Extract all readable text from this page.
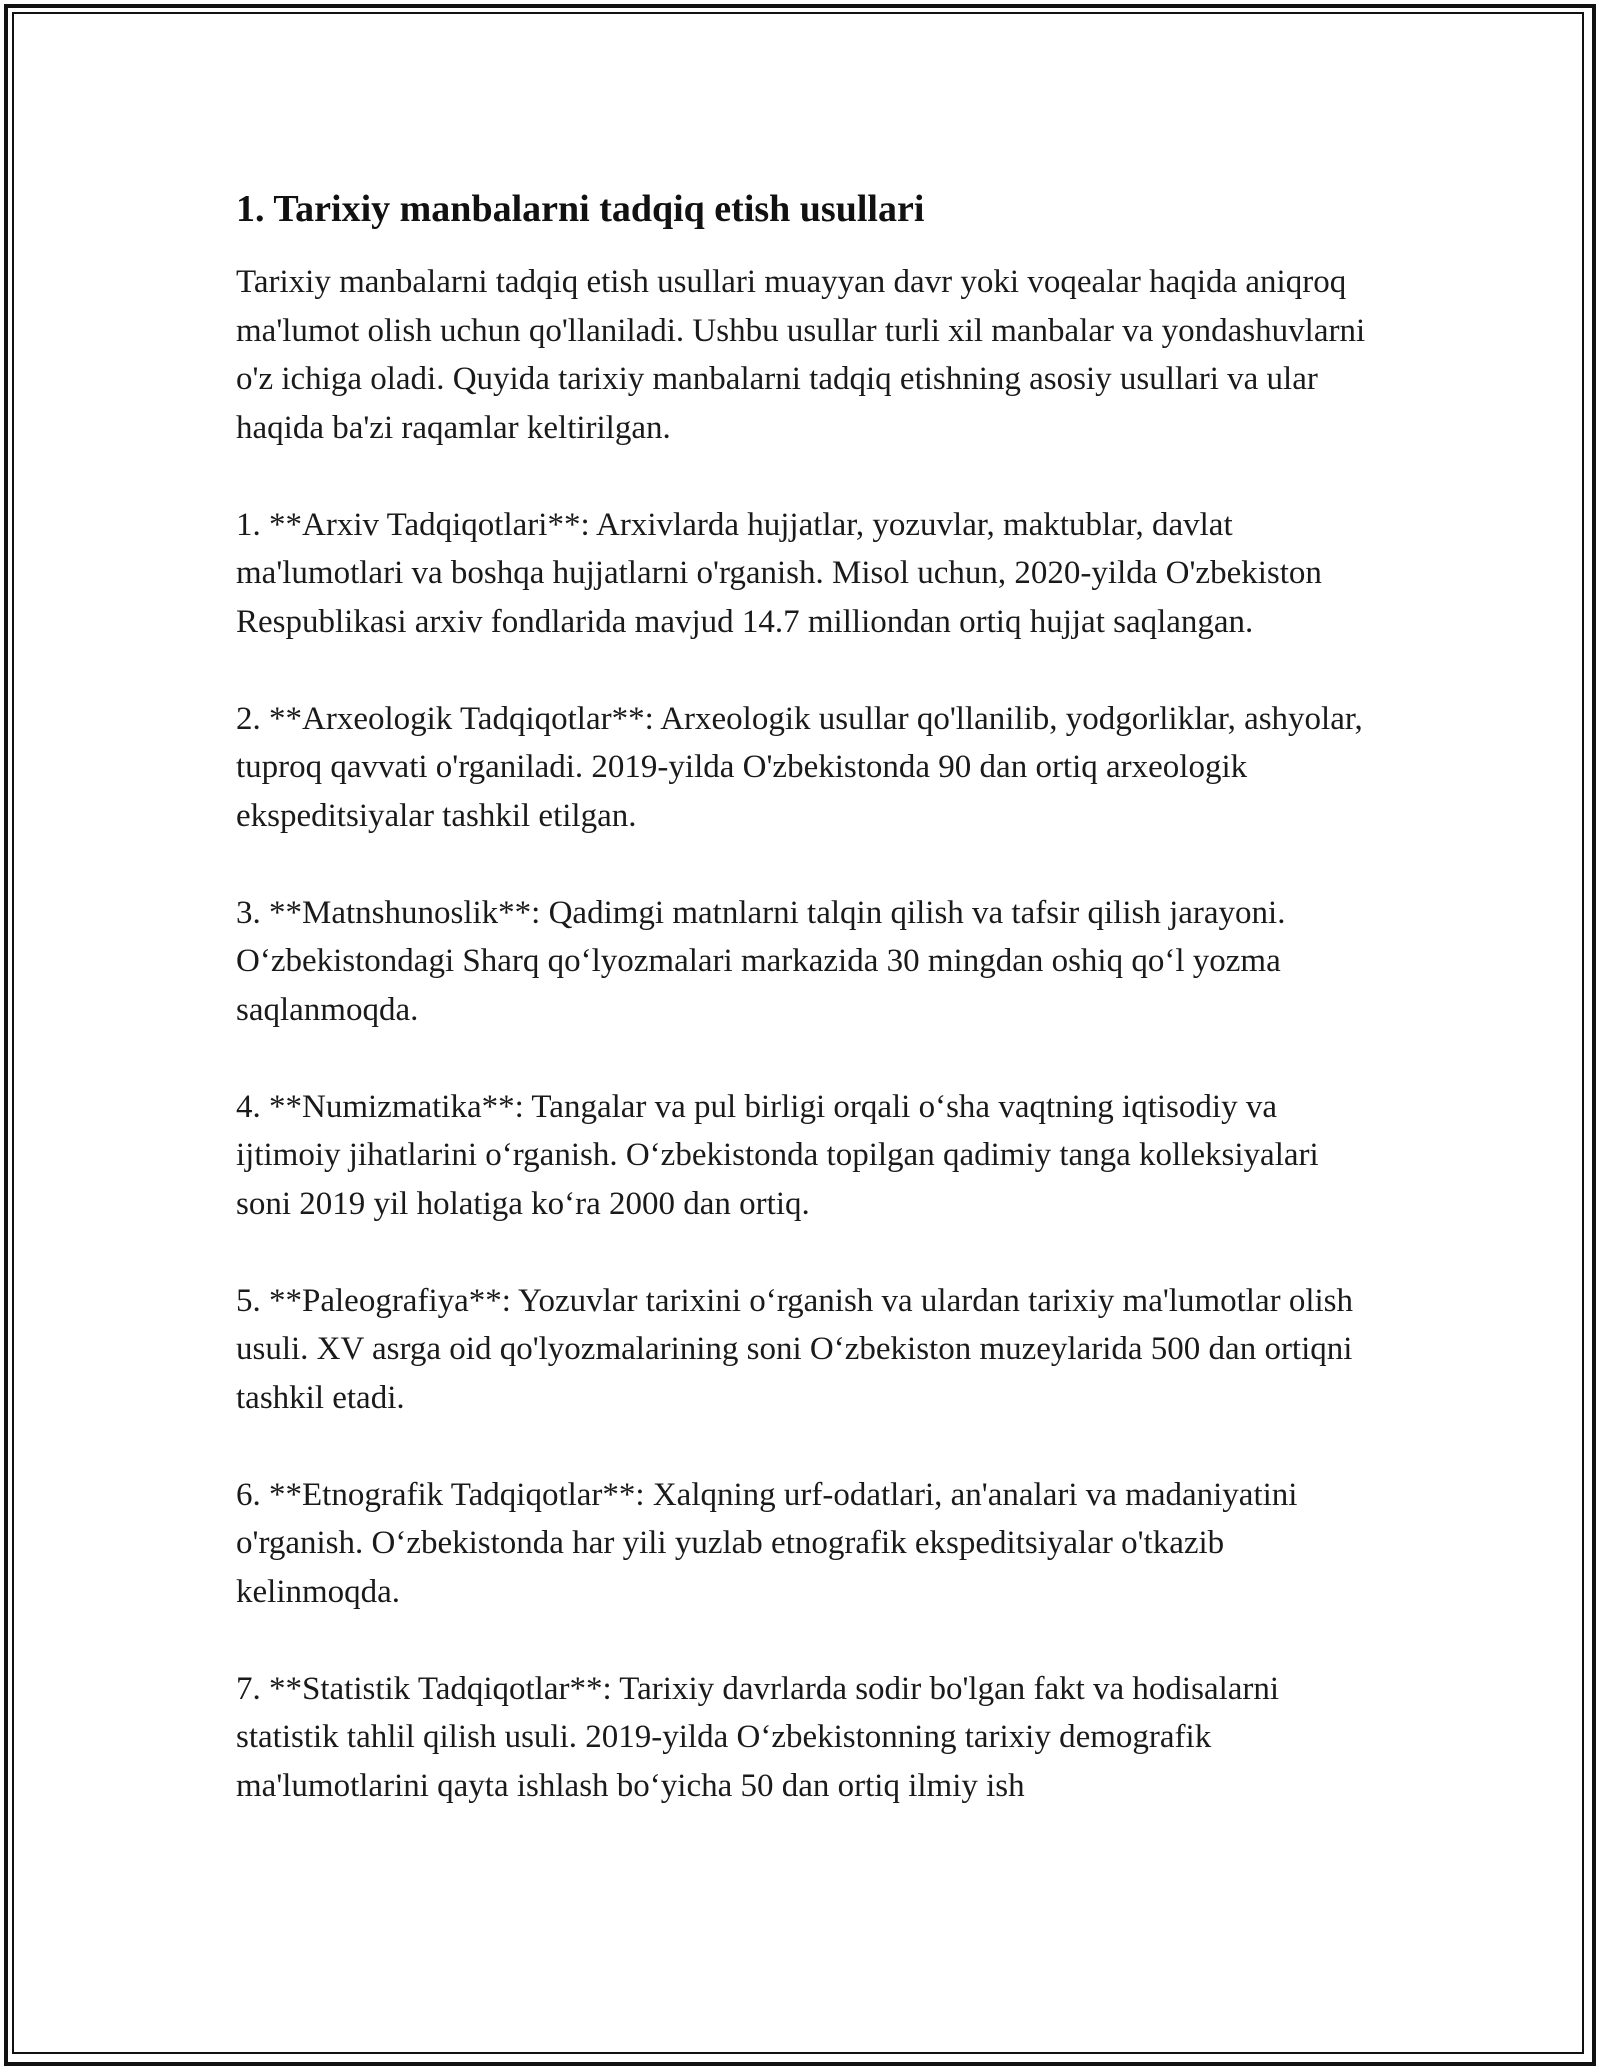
1. Tarixiy manbalarni tadqiq etish usullari

Tarixiy manbalarni tadqiq etish usullari muayyan davr yoki voqealar haqida aniqroq ma'lumot olish uchun qo'llaniladi. Ushbu usullar turli xil manbalar va yondashuvlarni o'z ichiga oladi. Quyida tarixiy manbalarni tadqiq etishning asosiy usullari va ular haqida ba'zi raqamlar keltirilgan.

1. **Arxiv Tadqiqotlari**: Arxivlarda hujjatlar, yozuvlar, maktublar, davlat ma'lumotlari va boshqa hujjatlarni o'rganish. Misol uchun, 2020-yilda O'zbekiston Respublikasi arxiv fondlarida mavjud 14.7 milliondan ortiq hujjat saqlangan.

2. **Arxeologik Tadqiqotlar**: Arxeologik usullar qo'llanilib, yodgorliklar, ashyolar, tuproq qavvati o'rganiladi. 2019-yilda O'zbekistonda 90 dan ortiq arxeologik ekspeditsiyalar tashkil etilgan.

3. **Matnshunoslik**: Qadimgi matnlarni talqin qilish va tafsir qilish jarayoni. O‘zbekistondagi Sharq qo‘lyozmalari markazida 30 mingdan oshiq qo‘l yozma saqlanmoqda.

4. **Numizmatika**: Tangalar va pul birligi orqali o‘sha vaqtning iqtisodiy va ijtimoiy jihatlarini o‘rganish. O‘zbekistonda topilgan qadimiy tanga kolleksiyalari soni 2019 yil holatiga ko‘ra 2000 dan ortiq.

5. **Paleografiya**: Yozuvlar tarixini o‘rganish va ulardan tarixiy ma'lumotlar olish usuli. XV asrga oid qo'lyozmalarining soni O‘zbekiston muzeylarida 500 dan ortiqni tashkil etadi.

6. **Etnografik Tadqiqotlar**: Xalqning urf-odatlari, an'analari va madaniyatini o'rganish. O‘zbekistonda har yili yuzlab etnografik ekspeditsiyalar o'tkazib kelinmoqda.

7. **Statistik Tadqiqotlar**: Tarixiy davrlarda sodir bo'lgan fakt va hodisalarni statistik tahlil qilish usuli. 2019-yilda O‘zbekistonning tarixiy demografik ma'lumotlarini qayta ishlash bo‘yicha 50 dan ortiq ilmiy ish
